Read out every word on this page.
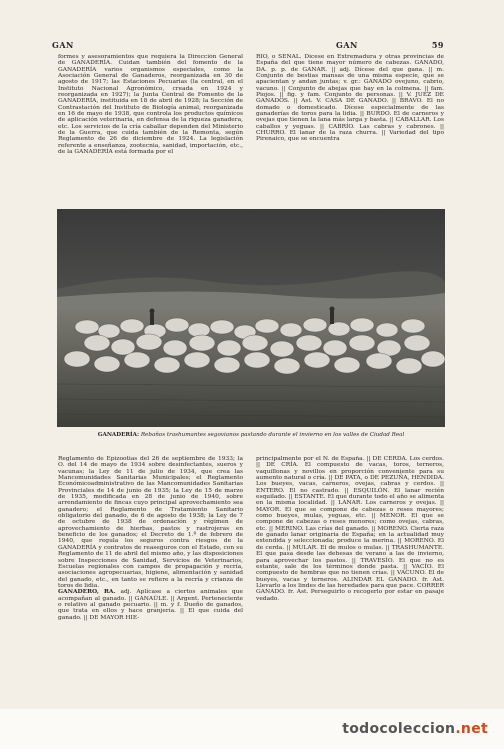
GAN	GAN	59

formes y asesoramientos que requiera la Dirección General de GANADERÍA. Cuidan también del fomento de la GANADERÍA varios organismos especiales, como la Asociación General de Ganaderos, reorganizada en 30 de agosto de 1917; las Estaciones Pecuarias (la central, en el Instituto Nacional Agronómico, creada en 1924 y reorganizada en 1927); la Junta Central de Fomento de la GANADERÍA, instituida en 18 de abril de 1928; la Sección de Contrastación del Instituto de Biología animal, reorganizada en 16 de mayo de 1938, que controla los productos químicos de aplicación veterinaria, en defensa de la riqueza ganadera, etc. Los servicios de la cría caballar dependen del Ministerio de la Guerra, que cuida también de la Remonta, según Reglamento de 26 de diciembre de 1924. La legislación referente a enseñanza, zootecnia, sanidad, importación, etc., de la GANADERÍA está formada por el

RÍO, o SEÑAL. Dícese en Extremadura y otras provincias de España del que tiene mayor número de cabezas. GANADO, DA. p. p. de GANAR. || adj. Dícese del que gana. || m. Conjunto de bestias mansas de una misma especie, que se apacientan y andan juntas; v. gr.: GANADO ovejuno, cabrío, vacuno. || Conjunto de abejas que hay en la colmena. || fam. Piojos. || fig. y fam. Conjunto de personas. || V. JUEZ DE GANADOS. || Ast. V. CASA DE GANADO. || BRAVO. El no domado o domesticado. Dícese especialmente de las ganaderías de toros para la lidia. || BURDO. El de carneros y ovejas que tienen la lana más larga y basta. || CABALLAR. Los caballos y yeguas. || CABRÍO. Las cabras y cabrones. || CHURRO. El lanar de la raza churra. || Variedad del tipo Pirenaico, que se encuentra

GANADERÍA: Rebaños trashumantes segovianos pastando durante el invierno en los valles de Ciudad Real

Reglamento de Epizootias del 26 de septiembre de 1933; la O. del 14 de mayo de 1934 sobre desinfectantes, sueros y vacunas; la Ley de 11 de julio de 1934, que crea las Mancomunidades Sanitarias Municipales; el Reglamento Económicoadministrativo de las Mancomunidades Sanitarias Provinciales de 14 de junio de 1935; la Ley de 15 de marzo de 1935, modificada en 28 de junio de 1940, sobre arrendamiento de fincas cuyo principal aprovechamiento sea ganadero; el Reglamento de Tratamiento Sanitario obligatorio del ganado, de 6 de agosto de 1938; la Ley de 7 de octubre de 1938 de ordenación y régimen de aprovechamiento de hierbas, pastos y rastrojeras en beneficio de los ganados; el Decreto de 1.º de febrero de 1940, que regula los seguros contra riesgos de la GANADERÍA y contratos de reaseguros con el Estado, con su Reglamento de 11 de abril del mismo año, y las disposiciones sobre Inspecciones de Sanidad, Servicios de Veterinarios, Escuelas regionales con campos de propagación y recría, asociaciones agropecuarias, higiene, alimentación y sanidad del ganado, etc., en tanto se refiere a la recría y crianza de toros de lidia.

GANADERO, RA. adj. Aplícase a ciertos animales que acompañan al ganado. || GANAÚLE. || Argent. Perteneciente o relativo al ganado pecuario. || m. y f. Dueño de ganados, que trata en ellos y hace granjería. || El que cuida del ganado. || DE MAYOR HIE-

principalmente por el N. de España. || DE CERDA. Los cerdos. || DE CRÍA. El compuesto de vacas, toros, terneros, vaquillonas y novillos en proporción conveniente para su aumento natural o cría. || DE PATA, o DE PEZUÑA, HENDIDA. Los bueyes, vacas, carneros, ovejas, cabras y cerdos. || ENTERO. El no castrado. || ESQUILÓN. El lanar recién esquilado. || ESTANTE. El que durante todo el año se alimenta en la misma localidad. || LANAR. Los carneros y ovejas. || MAYOR. El que se compone de cabezas o reses mayores; como bueyes, mulas, yeguas, etc. || MENOR. El que se compone de cabezas o reses menores; como ovejas, cabras, etc. || MERINO. Las crías del ganado. || MORENO. Cierta raza de ganado lanar originaria de España; en la actualidad muy extendida y seleccionada; produce la merina. || MORENO. El de cerda. || MULAR. El de mulos o mulas. || TRASHUMANTE. El que pasa desde las dehesas de verano a las de invierno, para aprovechar los pastos. || TRAVESÍO. El que no es estante, sale de los términos donde pasta. || VACÍO. El compuesto de hembras que no tienen crías. || VACUNO. El de bueyes, vacas y terneros. ALINDAR EL GANADO. fr. Ast. Llevarlo a los lindes de las heredades para que pace. CORRER GANADO. fr. Ast. Perseguirlo o recogerlo por estar en pasaje vedado.

todocoleccion.net
